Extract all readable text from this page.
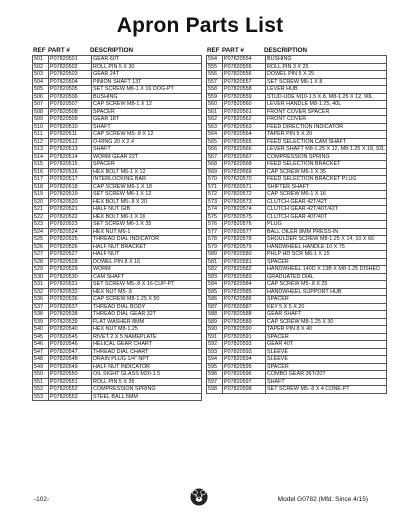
Apron Parts List
REF PART #	DESCRIPTION
501	P07820501	GEAR 60T
502	P07820502	ROLL PIN 5 X 30
503	P07820503	GEAR 24T
504	P07820504	PINION SHAFT 13T
505	P07820505	SET SCREW M6-1 X 16 DOG-PT
506	P07820506	BUSHING
507	P07820507	CAP SCREW M8-1 X 12
508	P07820508	SPACER
509	P07820509	GEAR 18T
510	P07820510	SHAFT
511	P07820511	CAP SCREW M5-.8 X 12
512	P07820512	O-RING 20 X 2.4
513	P07820513	SHAFT
514	P07820514	WORM GEAR 22T
515	P07820515	SPACER
516	P07820516	HEX BOLT M6-1 X 12
517	P07820517	INTERLOCKING BAR
518	P07820518	CAP SCREW M6-1 X 18
519	P07820519	SET SCREW M6-1 X 12
520	P07820520	HEX BOLT M5-.8 X 20
521	P07820521	HALF NUT GIB
522	P07820522	HEX BOLT M6-1 X 16
523	P07820523	SET SCREW M6-1 X 35
524	P07820524	HEX NUT M6-1
525	P07820525	THREAD DIAL INDICATOR
526	P07820526	HALF NUT BRACKET
527	P07820527	HALF NUT
528	P07820528	DOWEL PIN 8 X 16
529	P07820529	WORM
530	P07820530	CAM SHAFT
531	P07820531	SET SCREW M5-.8 X 16 CUP-PT
532	P07820532	HEX NUT M5-.8
536	P07820536	CAP SCREW M8-1.25 X 50
537	P07820537	THREAD DIAL BODY
538	P07820538	THREAD DIAL GEAR 32T
539	P07820539	FLAT WASHER 8MM
540	P07820540	HEX NUT M8-1.25
545	P07820545	RIVET 2 X 5 NAMEPLATE
546	P07820546	HELICAL GEAR CHART
547	P07820547	THREAD DIAL CHART
548	P07820548	DRAIN PLUG 1/4" NPT
549	P07820549	HALF NUT INDICATOR
550	P07820550	OIL SIGHT GLASS M20-1.5
551	P07820551	ROLL PIN 5 X 35
552	P07820552	COMPRESSION SPRING
553	P07820553	STEEL BALL 5MM
REF PART #	DESCRIPTION
554	P07820554	BUSHING
555	P07820555	ROLL PIN 3 X 25
556	P07820556	DOWEL PIN 5 X 25
557	P07820557	SET SCREW M6-1 X 8
558	P07820558	LEVER HUB
559	P07820559	STUD-UDE M10-1.5 X 8, M8-1.25 X 12, 90L
560	P07820560	LEVER HANDLE M8-1.25, 40L
561	P07820561	FRONT COVER SPACER
562	P07820562	FRONT COVER
563	P07820563	FEED DIRECTION INDICATOR
564	P07820564	TAPER PIN 5 X 20
565	P07820565	FEED SELECTION CAM SHAFT
566	P07820566	LEVER SHAFT M8-1.25 X 12, M8-1.25 X 18, 92L
567	P07820567	COMPRESSION SPRING
568	P07820568	FEED SELECTION BRACKET
569	P07820569	CAP SCREW M6-1 X 35
570	P07820570	FEED SELECTION BRACKET PLUG
571	P07820571	SHIFTER SHAFT
572	P07820572	CAP SCREW M6-1 X 16
573	P07820573	CLUTCH GEAR 42T/42T
574	P07820574	CLUTCH GEAR 42T/40T/42T
575	P07820575	CLUTCH GEAR 40T/40T
576	P07820576	PLUG
577	P07820577	BALL OILER 8MM PRESS-IN
578	P07820578	SHOULDER SCREW M8-1.25 X 14, 10 X 66
579	P07820579	HANDWHEEL HANDLE 10 X 75
580	P07820580	PHLP HD SCR M6-1 X 15
581	P07820581	SPACER
582	P07820582	HANDWHEEL 140D X 13B X M8-1.25 DISHED
583	P07820583	GRADUATED DIAL
584	P07820584	CAP SCREW M5-.8 X 25
585	P07820585	HANDWHEEL SUPPORT HUB
586	P07820586	SPACER
587	P07820587	KEY 5 X 5 X 20
588	P07820588	GEAR SHAFT
589	P07820589	CAP SCREW M8-1.25 X 30
590	P07820590	TAPER PIN 8 X 40
591	P07820591	SPACER
592	P07820592	GEAR 40T
593	P07820593	SLEEVE
594	P07820594	SLEEVE
595	P07820595	SPACER
596	P07820596	COMBO GEAR 36T/20T
597	P07820597	SHAFT
598	P07820598	SET SCREW M5-.8 X 4 CONE-PT
-102-	Model G0782 (Mfd. Since 4/15)
